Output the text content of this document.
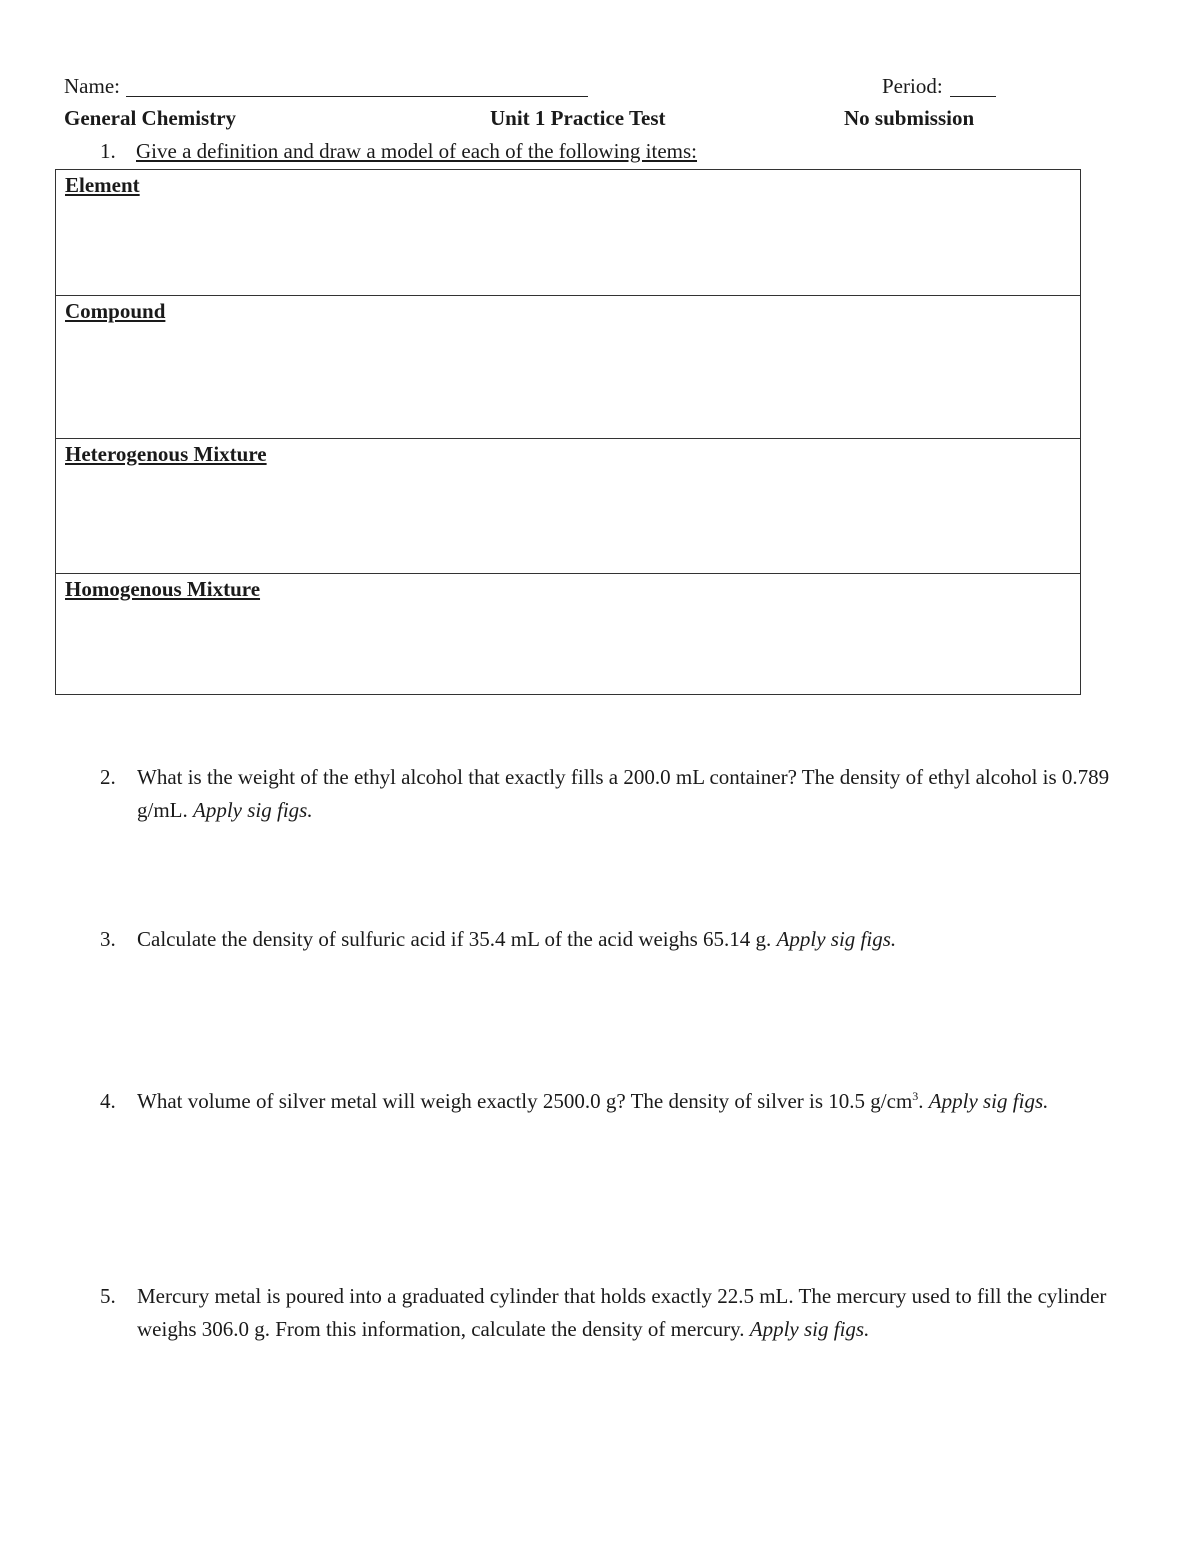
Name:	Period:
General Chemistry	Unit 1 Practice Test	No submission
1. Give a definition and draw a model of each of the following items:
Element
Compound
Heterogenous Mixture
Homogenous Mixture
2. What is the weight of the ethyl alcohol that exactly fills a 200.0 mL container? The density of ethyl alcohol is 0.789 g/mL. Apply sig figs.
3. Calculate the density of sulfuric acid if 35.4 mL of the acid weighs 65.14 g. Apply sig figs.
4. What volume of silver metal will weigh exactly 2500.0 g? The density of silver is 10.5 $g/cm^3$. Apply sig figs.
5. Mercury metal is poured into a graduated cylinder that holds exactly 22.5 mL. The mercury used to fill the cylinder weighs 306.0 g. From this information, calculate the density of mercury. Apply sig figs.
